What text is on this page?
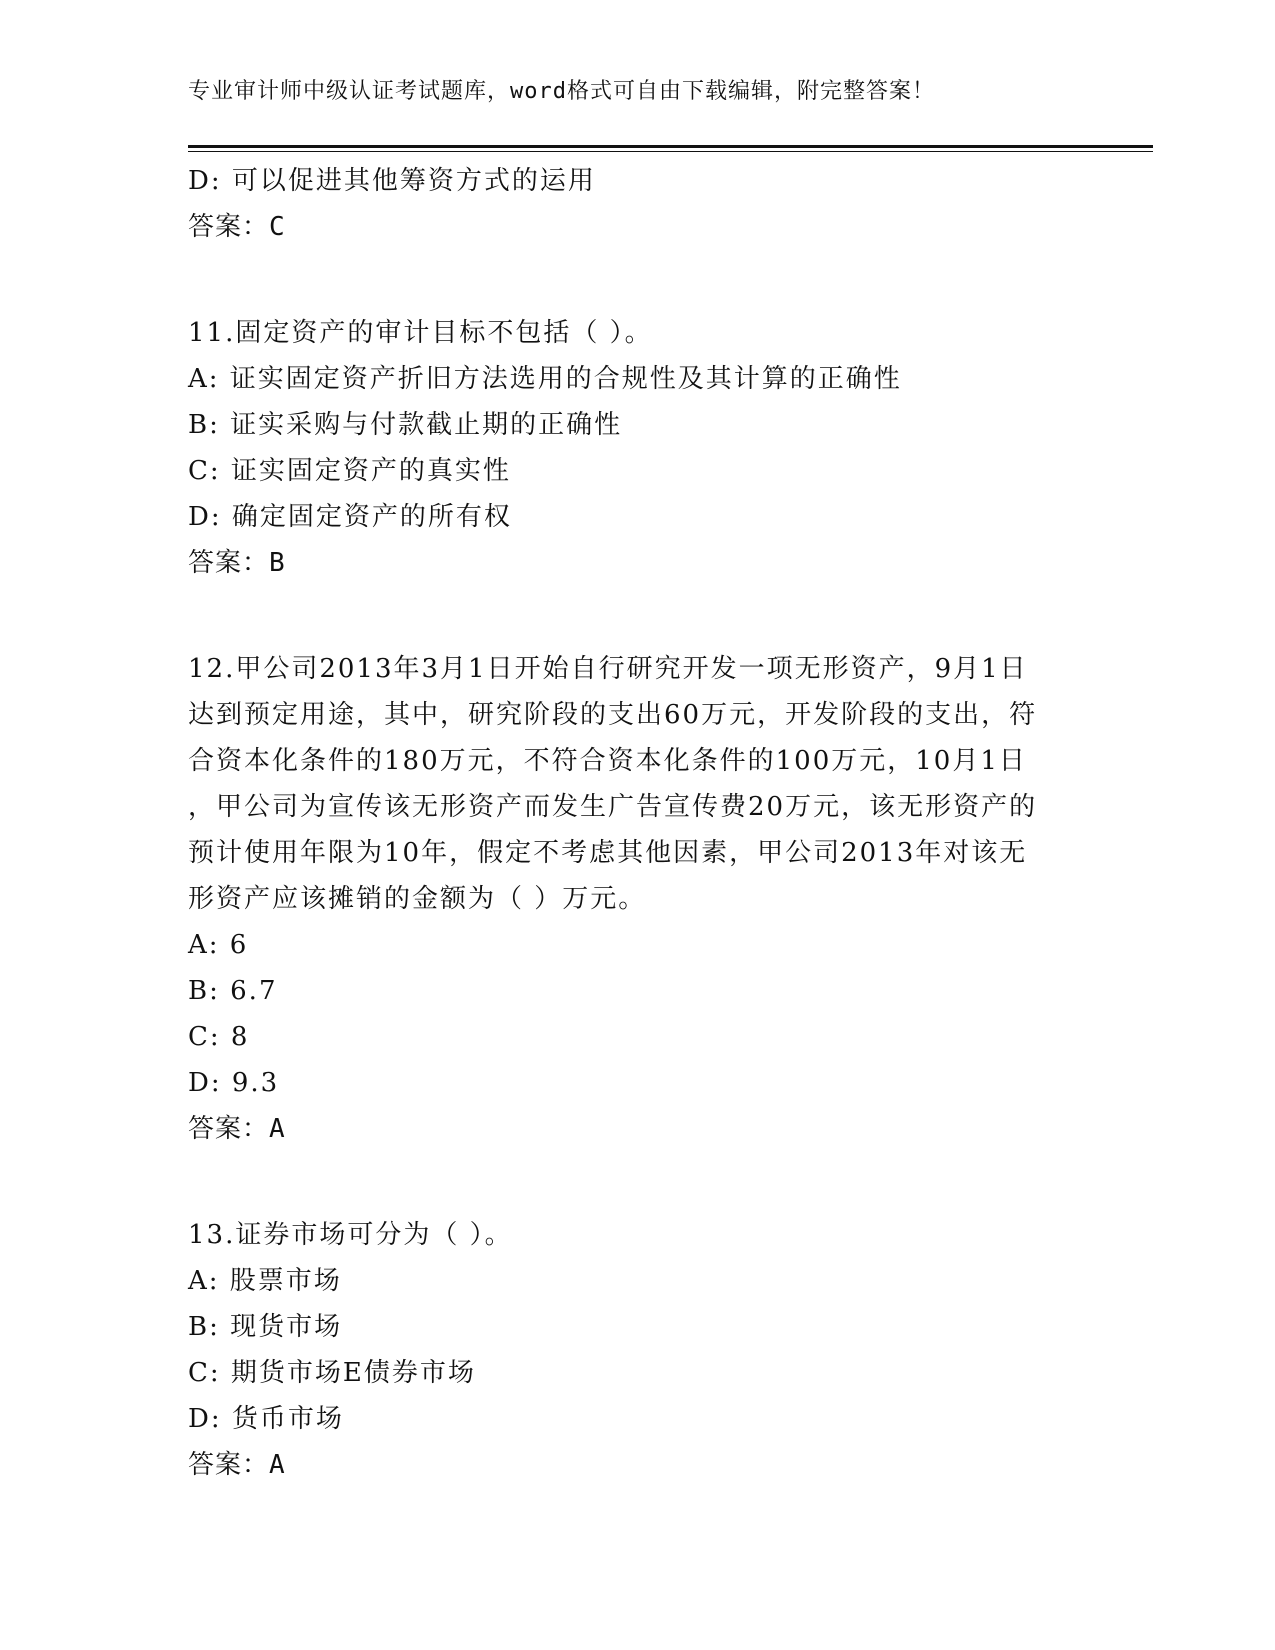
专业审计师中级认证考试题库，word格式可自由下载编辑，附完整答案！
D: 可以促进其他筹资方式的运用
答案：C
11.固定资产的审计目标不包括（ ）。
A: 证实固定资产折旧方法选用的合规性及其计算的正确性
B: 证实采购与付款截止期的正确性
C: 证实固定资产的真实性
D: 确定固定资产的所有权
答案：B
12.甲公司2013年3月1日开始自行研究开发一项无形资产，9月1日
达到预定用途，其中，研究阶段的支出60万元，开发阶段的支出，符
合资本化条件的180万元，不符合资本化条件的100万元，10月1日
，甲公司为宣传该无形资产而发生广告宣传费20万元，该无形资产的
预计使用年限为10年，假定不考虑其他因素，甲公司2013年对该无
形资产应该摊销的金额为（ ）万元。
A: 6
B: 6.7
C: 8
D: 9.3
答案：A
13.证券市场可分为（ ）。
A: 股票市场
B: 现货市场
C: 期货市场E债券市场
D: 货币市场
答案：A
